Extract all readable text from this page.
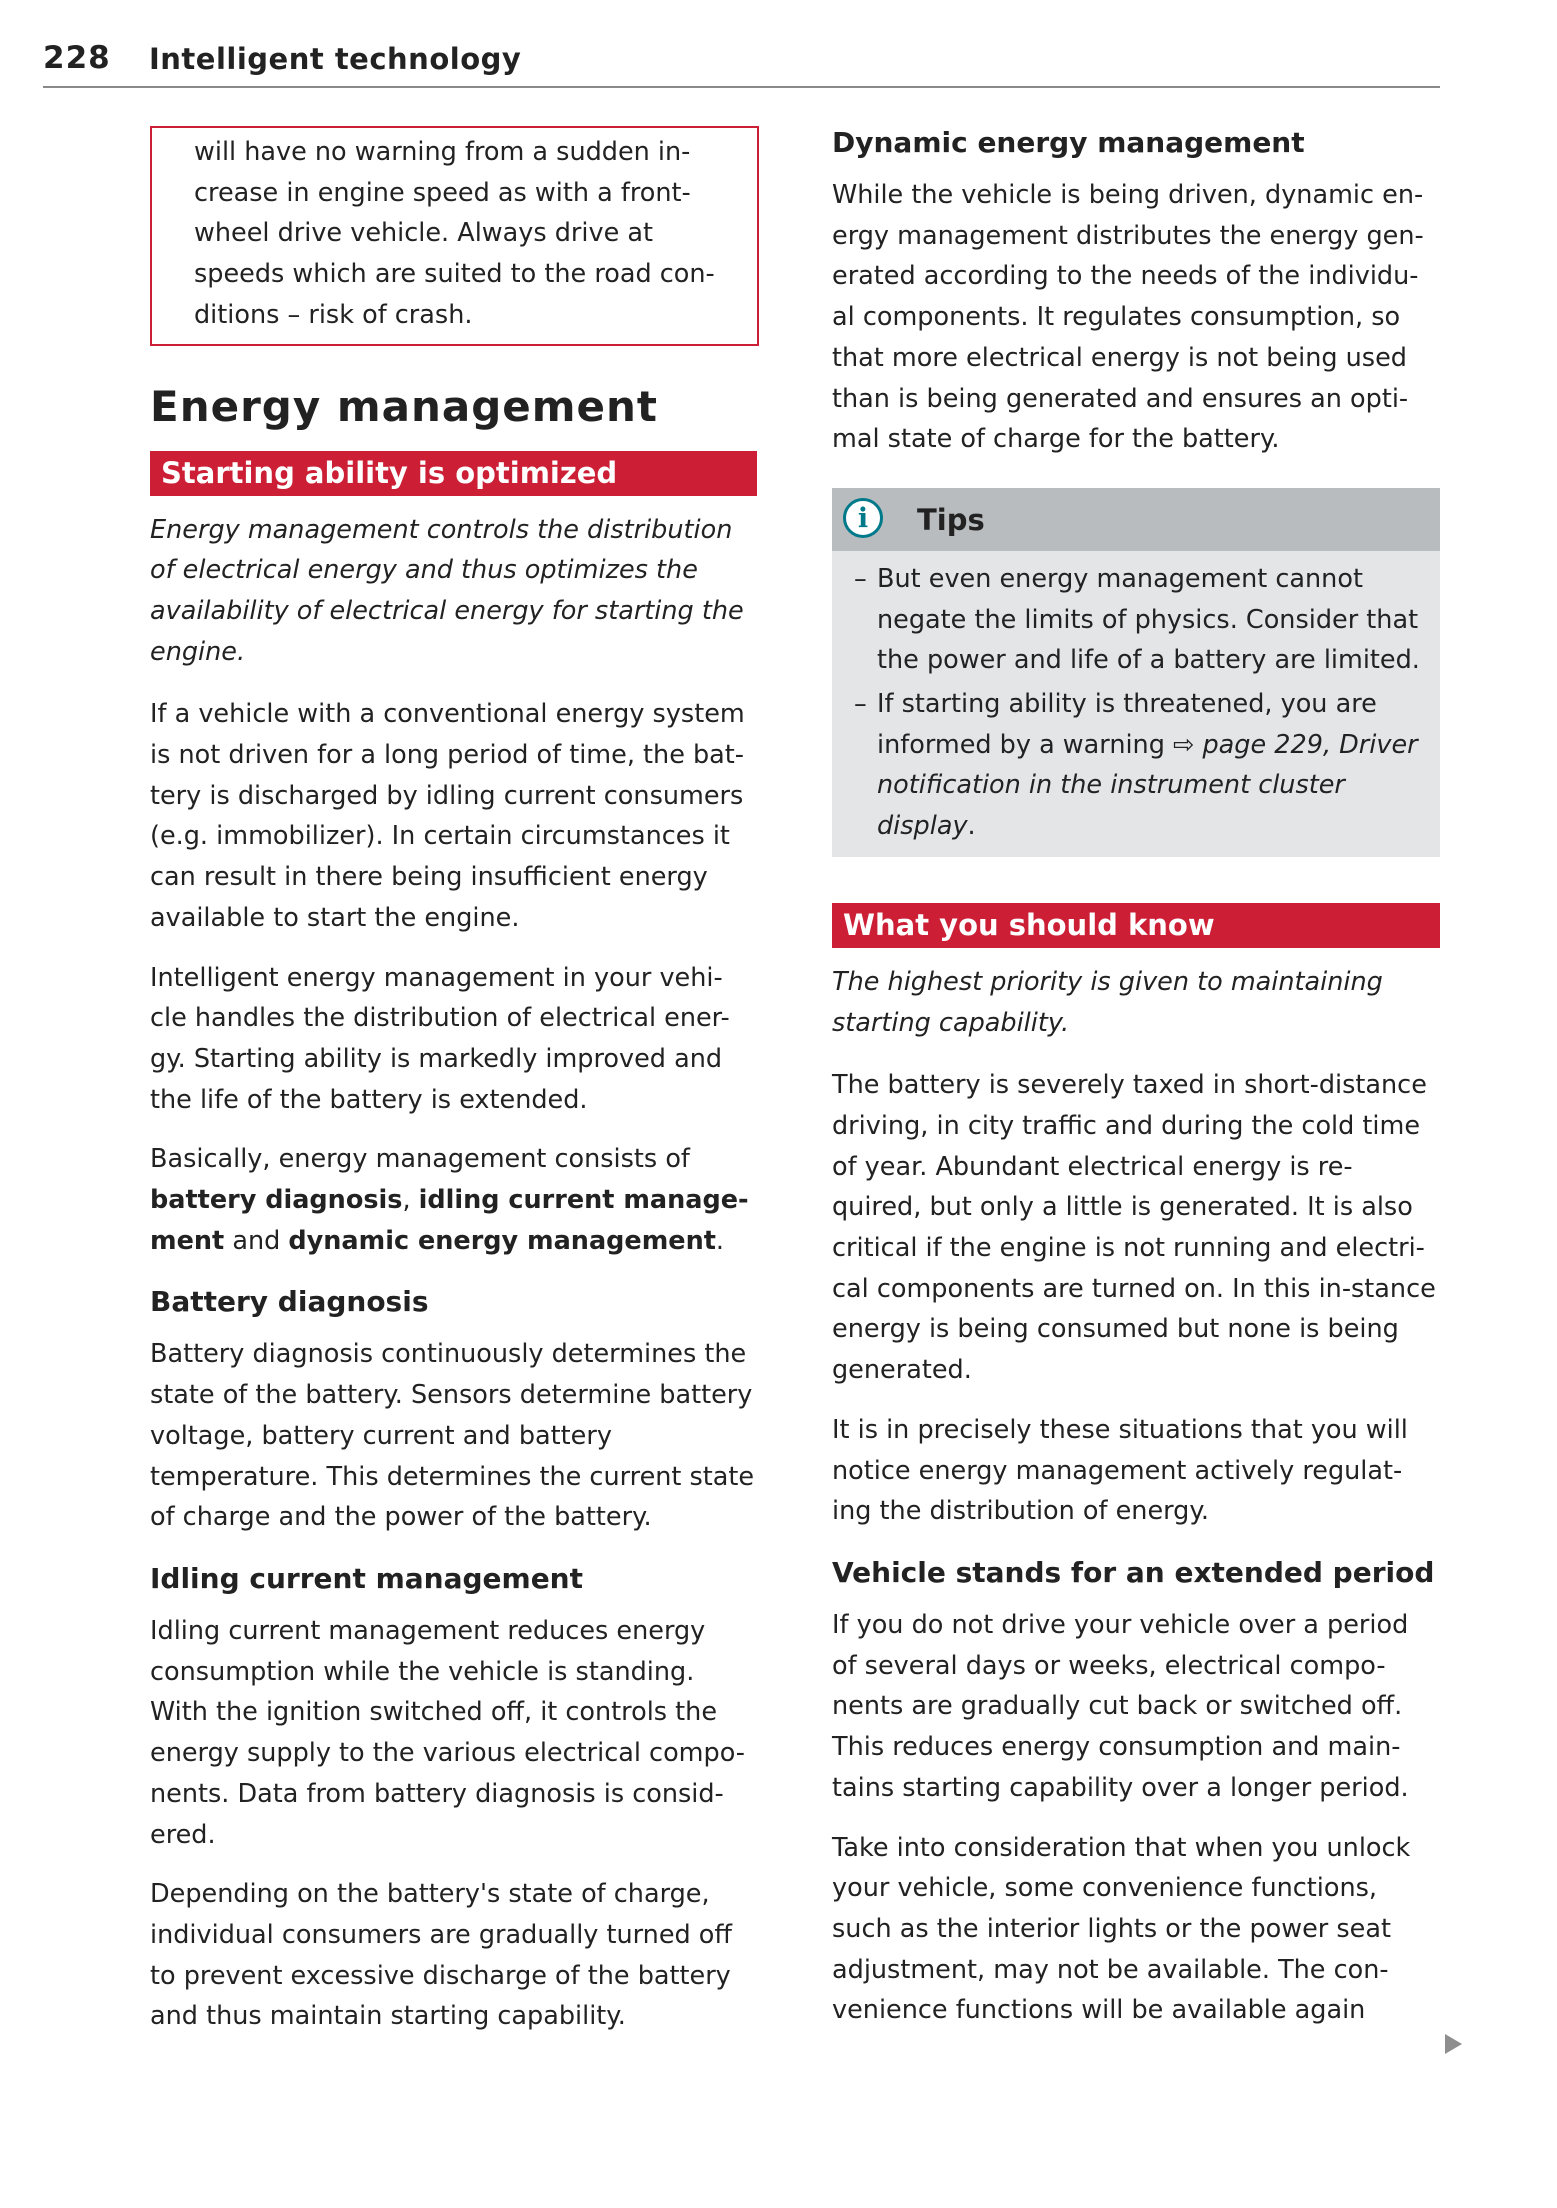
228 Intelligent technology

will have no warning from a sudden in-crease in engine speed as with a front-wheel drive vehicle. Always drive at speeds which are suited to the road con-ditions – risk of crash.

Energy management
Starting ability is optimized

Energy management controls the distribution of electrical energy and thus optimizes the availability of electrical energy for starting the engine.

If a vehicle with a conventional energy system is not driven for a long period of time, the bat-tery is discharged by idling current consumers (e.g. immobilizer). In certain circumstances it can result in there being insufficient energy available to start the engine.

Intelligent energy management in your vehi-cle handles the distribution of electrical ener-gy. Starting ability is markedly improved and the life of the battery is extended.

Basically, energy management consists of battery diagnosis, idling current manage-ment and dynamic energy management.

Battery diagnosis

Battery diagnosis continuously determines the state of the battery. Sensors determine battery voltage, battery current and battery temperature. This determines the current state of charge and the power of the battery.

Idling current management

Idling current management reduces energy consumption while the vehicle is standing. With the ignition switched off, it controls the energy supply to the various electrical compo-nents. Data from battery diagnosis is consid-ered.

Depending on the battery's state of charge, individual consumers are gradually turned off to prevent excessive discharge of the battery and thus maintain starting capability.

Dynamic energy management

While the vehicle is being driven, dynamic en-ergy management distributes the energy gen-erated according to the needs of the individu-al components. It regulates consumption, so that more electrical energy is not being used than is being generated and ensures an opti-mal state of charge for the battery.

i	Tips
– But even energy management cannot negate the limits of physics. Consider that the power and life of a battery are limited.
– If starting ability is threatened, you are informed by a warning ⇨ page 229, Driver notification in the instrument cluster display.
What you should know

The highest priority is given to maintaining starting capability.

The battery is severely taxed in short-distance driving, in city traffic and during the cold time of year. Abundant electrical energy is re-quired, but only a little is generated. It is also critical if the engine is not running and electri-cal components are turned on. In this in-stance energy is being consumed but none is being generated.

It is in precisely these situations that you will notice energy management actively regulat-ing the distribution of energy.

Vehicle stands for an extended period

If you do not drive your vehicle over a period of several days or weeks, electrical compo-nents are gradually cut back or switched off. This reduces energy consumption and main-tains starting capability over a longer period.

Take into consideration that when you unlock your vehicle, some convenience functions, such as the interior lights or the power seat adjustment, may not be available. The con-venience functions will be available again
